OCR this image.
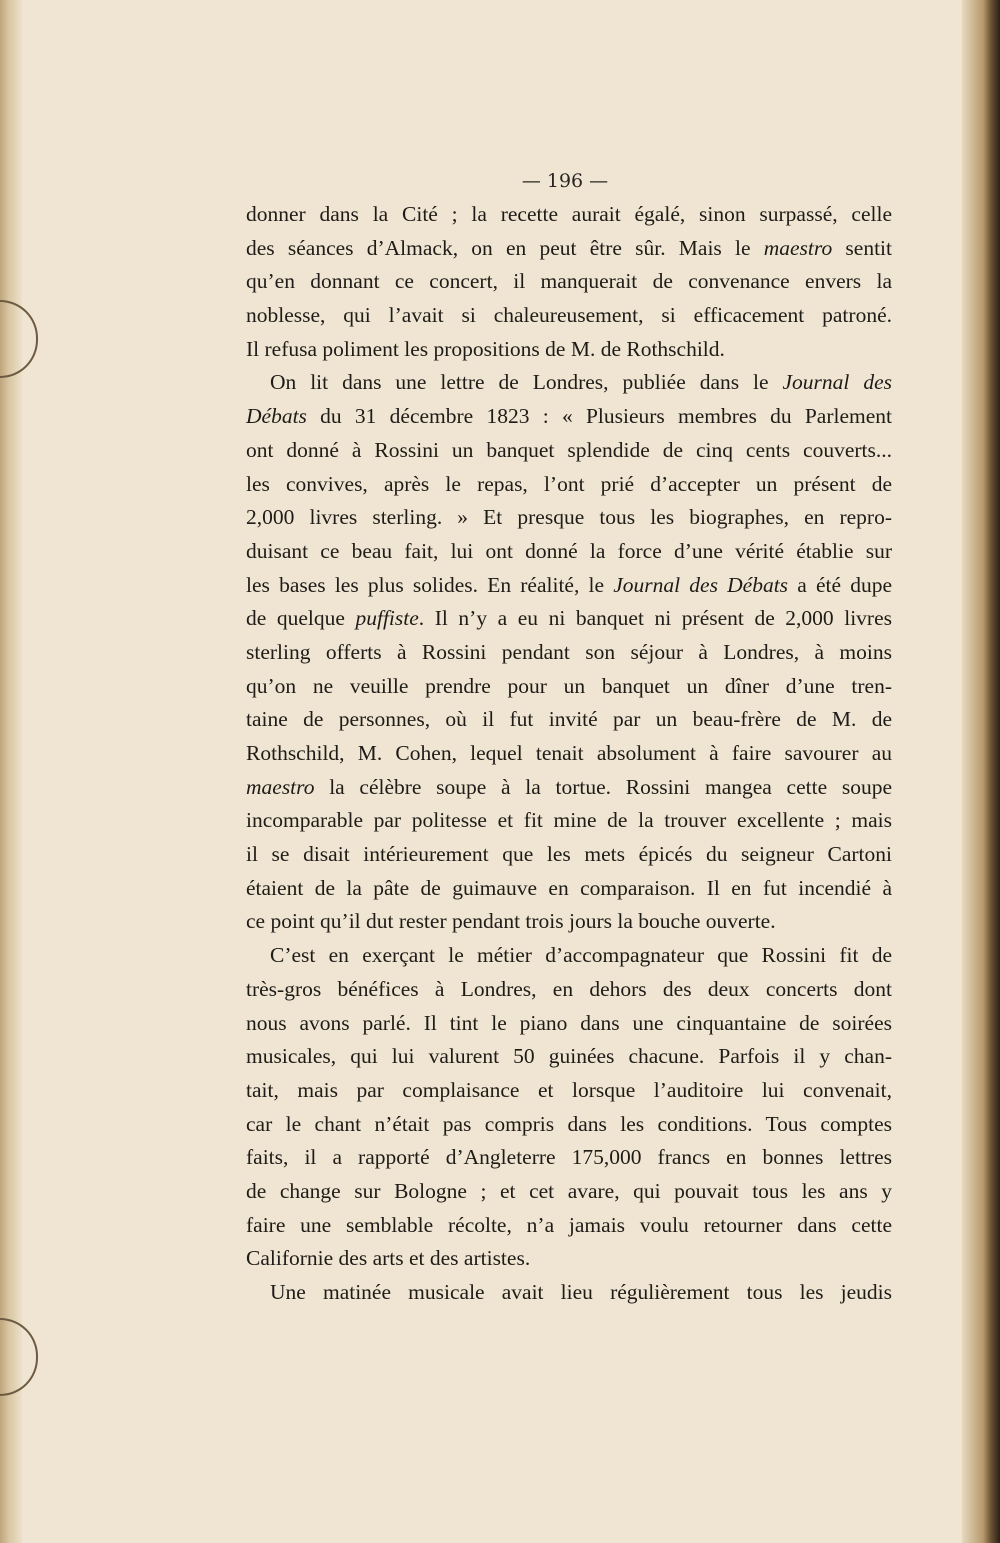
— 196 —
donner dans la Cité ; la recette aurait égalé, sinon surpassé, celle
des séances d’Almack, on en peut être sûr. Mais le maestro sentit
qu’en donnant ce concert, il manquerait de convenance envers la
noblesse, qui l’avait si chaleureusement, si efficacement patroné.
Il refusa poliment les propositions de M. de Rothschild.
On lit dans une lettre de Londres, publiée dans le Journal des
Débats du 31 décembre 1823 : « Plusieurs membres du Parlement
ont donné à Rossini un banquet splendide de cinq cents couverts...
les convives, après le repas, l’ont prié d’accepter un présent de
2,000 livres sterling. » Et presque tous les biographes, en repro-
duisant ce beau fait, lui ont donné la force d’une vérité établie sur
les bases les plus solides. En réalité, le Journal des Débats a été dupe
de quelque puffiste. Il n’y a eu ni banquet ni présent de 2,000 livres
sterling offerts à Rossini pendant son séjour à Londres, à moins
qu’on ne veuille prendre pour un banquet un dîner d’une tren-
taine de personnes, où il fut invité par un beau-frère de M. de
Rothschild, M. Cohen, lequel tenait absolument à faire savourer au
maestro la célèbre soupe à la tortue. Rossini mangea cette soupe
incomparable par politesse et fit mine de la trouver excellente ; mais
il se disait intérieurement que les mets épicés du seigneur Cartoni
étaient de la pâte de guimauve en comparaison. Il en fut incendié à
ce point qu’il dut rester pendant trois jours la bouche ouverte.
C’est en exerçant le métier d’accompagnateur que Rossini fit de
très-gros bénéfices à Londres, en dehors des deux concerts dont
nous avons parlé. Il tint le piano dans une cinquantaine de soirées
musicales, qui lui valurent 50 guinées chacune. Parfois il y chan-
tait, mais par complaisance et lorsque l’auditoire lui convenait,
car le chant n’était pas compris dans les conditions. Tous comptes
faits, il a rapporté d’Angleterre 175,000 francs en bonnes lettres
de change sur Bologne ; et cet avare, qui pouvait tous les ans y
faire une semblable récolte, n’a jamais voulu retourner dans cette
Californie des arts et des artistes.
Une matinée musicale avait lieu régulièrement tous les jeudis
